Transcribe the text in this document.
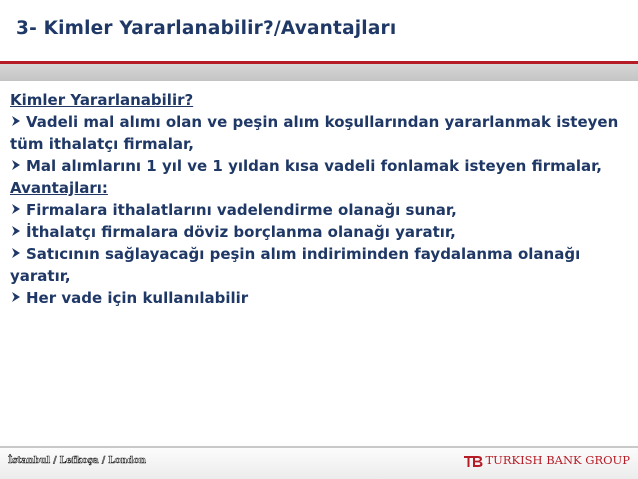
3- Kimler Yararlanabilir?/Avantajları
Kimler Yararlanabilir?
Vadeli mal alımı olan ve peşin alım koşullarından yararlanmak isteyen tüm ithalatçı firmalar,
Mal alımlarını 1 yıl ve 1 yıldan kısa vadeli fonlamak isteyen firmalar,
Avantajları:
Firmalara ithalatlarını vadelendirme olanağı sunar,
İthalatçı firmalara döviz borçlanma olanağı yaratır,
Satıcının sağlayacağı peşin alım indiriminden faydalanma olanağı yaratır,
Her vade için kullanılabilir
İstanbul / Lefkoşa / London	TURKISH BANK GROUP
